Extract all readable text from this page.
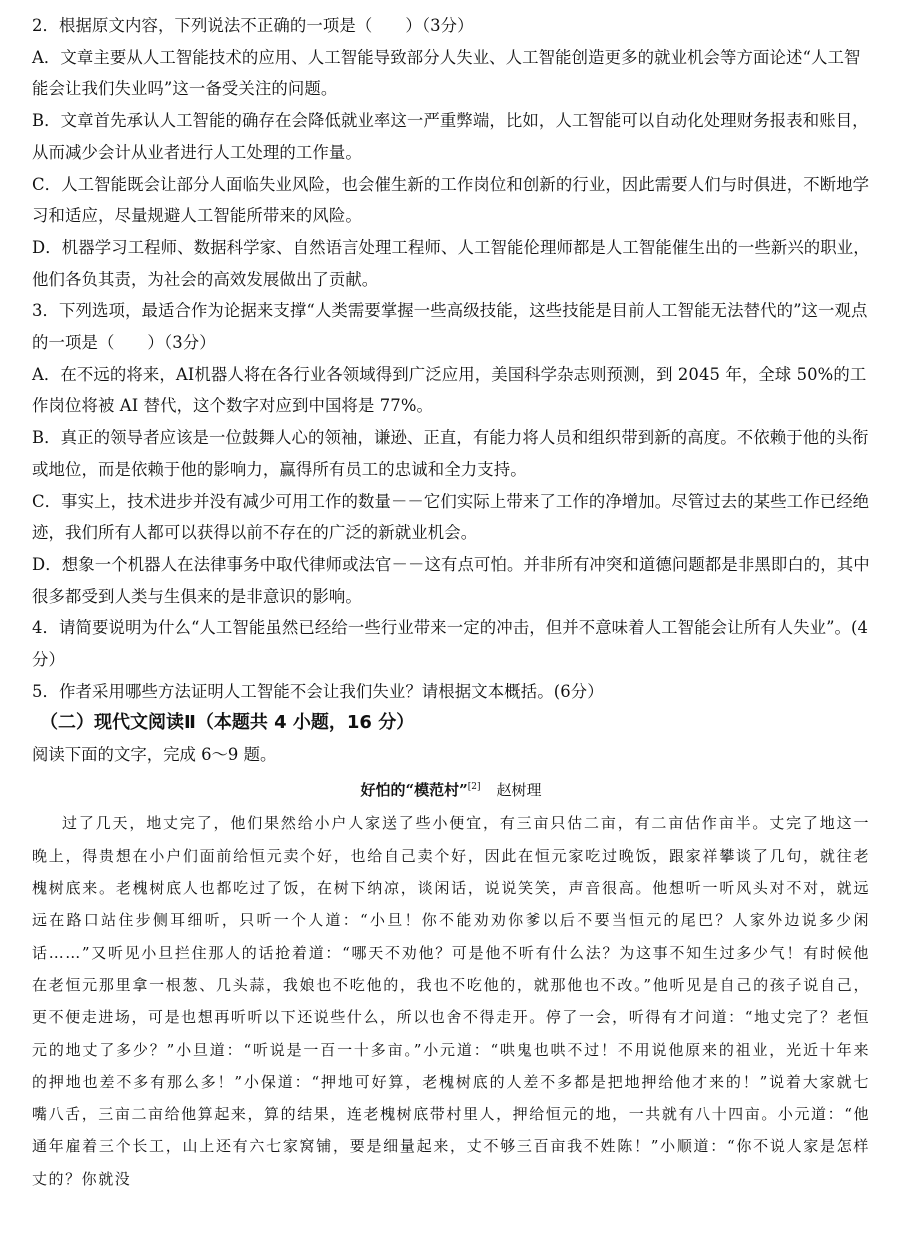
2．根据原文内容，下列说法不正确的一项是（　　）（3分）

A．文章主要从人工智能技术的应用、人工智能导致部分人失业、人工智能创造更多的就业机会等方面论述“人工智能会让我们失业吗”这一备受关注的问题。

B．文章首先承认人工智能的确存在会降低就业率这一严重弊端，比如，人工智能可以自动化处理财务报表和账目，从而减少会计从业者进行人工处理的工作量。

C．人工智能既会让部分人面临失业风险，也会催生新的工作岗位和创新的行业，因此需要人们与时俱进，不断地学习和适应，尽量规避人工智能所带来的风险。

D．机器学习工程师、数据科学家、自然语言处理工程师、人工智能伦理师都是人工智能催生出的一些新兴的职业，他们各负其责，为社会的高效发展做出了贡献。

3．下列选项，最适合作为论据来支撑“人类需要掌握一些高级技能，这些技能是目前人工智能无法替代的”这一观点的一项是（　　）（3分）

A．在不远的将来，AI机器人将在各行业各领域得到广泛应用，美国科学杂志则预测，到 2045 年，全球 50%的工作岗位将被 AI 替代，这个数字对应到中国将是 77%。

B．真正的领导者应该是一位鼓舞人心的领袖，谦逊、正直，有能力将人员和组织带到新的高度。不依赖于他的头衔或地位，而是依赖于他的影响力，赢得所有员工的忠诚和全力支持。

C．事实上，技术进步并没有减少可用工作的数量－－它们实际上带来了工作的净增加。尽管过去的某些工作已经绝迹，我们所有人都可以获得以前不存在的广泛的新就业机会。

D．想象一个机器人在法律事务中取代律师或法官－－这有点可怕。并非所有冲突和道德问题都是非黑即白的，其中很多都受到人类与生俱来的是非意识的影响。

4．请简要说明为什么“人工智能虽然已经给一些行业带来一定的冲击，但并不意味着人工智能会让所有人失业”。(4分）

5．作者采用哪些方法证明人工智能不会让我们失业？请根据文本概括。(6分）

（二）现代文阅读Ⅱ（本题共 4 小题，16 分）

阅读下面的文字，完成 6～9 题。

好怕的“模范村”[2] 赵树理

过了几天，地丈完了，他们果然给小户人家送了些小便宜，有三亩只估二亩，有二亩估作亩半。丈完了地这一晚上，得贵想在小户们面前给恒元卖个好，也给自己卖个好，因此在恒元家吃过晚饭，跟家祥攀谈了几句，就往老槐树底来。老槐树底人也都吃过了饭，在树下纳凉，谈闲话，说说笑笑，声音很高。他想听一听风头对不对，就远远在路口站住步侧耳细听，只听一个人道：“小旦！你不能劝劝你爹以后不要当恒元的尾巴？人家外边说多少闲话……”又听见小旦拦住那人的话抢着道：“哪天不劝他？可是他不听有什么法？为这事不知生过多少气！有时候他在老恒元那里拿一根葱、几头蒜，我娘也不吃他的，我也不吃他的，就那他也不改。”他听见是自己的孩子说自己，更不便走进场，可是也想再听听以下还说些什么，所以也舍不得走开。停了一会，听得有才问道：“地丈完了？老恒元的地丈了多少？”小旦道：“听说是一百一十多亩。”小元道：“哄鬼也哄不过！不用说他原来的祖业，光近十年来的押地也差不多有那么多！”小保道：“押地可好算，老槐树底的人差不多都是把地押给他才来的！”说着大家就七嘴八舌，三亩二亩给他算起来，算的结果，连老槐树底带村里人，押给恒元的地，一共就有八十四亩。小元道：“他通年雇着三个长工，山上还有六七家窝铺，要是细量起来，丈不够三百亩我不姓陈！”小顺道：“你不说人家是怎样丈的？你就没
